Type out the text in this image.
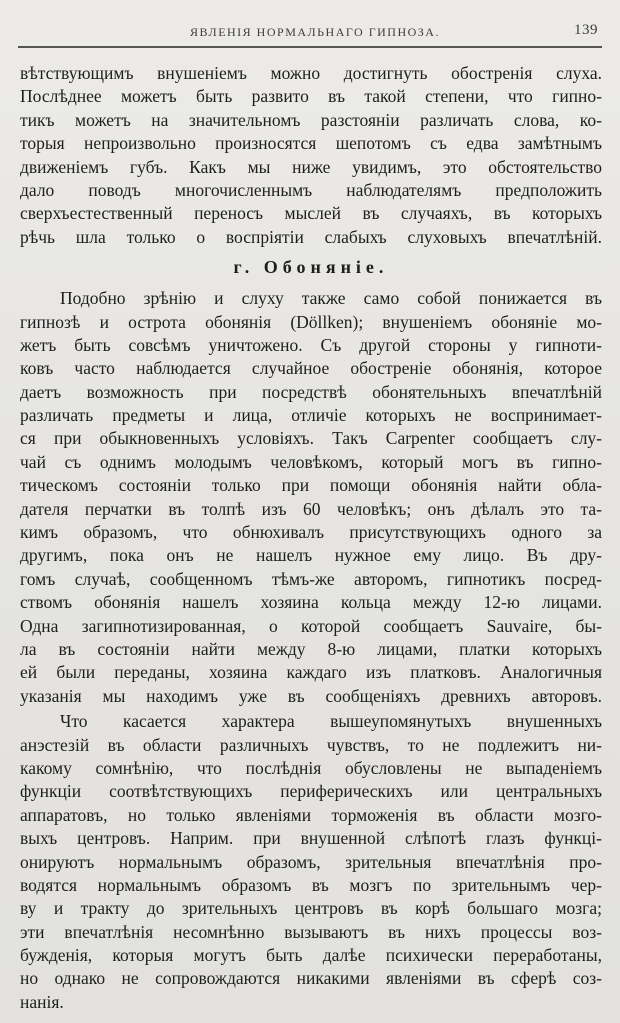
ЯВЛЕНІЯ НОРМАЛЬНАГО ГИПНОЗА.	139
вѣтствующимъ внушеніемъ можно достигнуть обостренія слуха.
Послѣднее можетъ быть развито въ такой степени, что гипно-
тикъ можетъ на значительномъ разстояніи различать слова, ко-
торыя непроизвольно произносятся шепотомъ съ едва замѣтнымъ
движеніемъ губъ. Какъ мы ниже увидимъ, это обстоятельство
дало поводъ многочисленнымъ наблюдателямъ предположить
сверхъестественный переносъ мыслей въ случаяхъ, въ которыхъ
рѣчь шла только о воспріятіи слабыхъ слуховыхъ впечатлѣній.
г. Обоняніе.
Подобно зрѣнію и слуху также само собой понижается въ
гипнозѣ и острота обонянія (Döllken); внушеніемъ обоняніе мо-
жетъ быть совсѣмъ уничтожено. Съ другой стороны у гипноти-
ковъ часто наблюдается случайное обостреніе обонянія, которое
даетъ возможность при посредствѣ обонятельныхъ впечатлѣній
различать предметы и лица, отличіе которыхъ не воспринимает-
ся при обыкновенныхъ условіяхъ. Такъ Carpenter сообщаетъ слу-
чай съ однимъ молодымъ человѣкомъ, который могъ въ гипно-
тическомъ состояніи только при помощи обонянія найти обла-
дателя перчатки въ толпѣ изъ 60 человѣкъ; онъ дѣлалъ это та-
кимъ образомъ, что обнюхивалъ присутствующихъ одного за
другимъ, пока онъ не нашелъ нужное ему лицо. Въ дру-
гомъ случаѣ, сообщенномъ тѣмъ-же авторомъ, гипнотикъ посред-
ствомъ обонянія нашелъ хозяина кольца между 12-ю лицами.
Одна загипнотизированная, о которой сообщаетъ Sauvaire, бы-
ла въ состояніи найти между 8-ю лицами, платки которыхъ
ей были переданы, хозяина каждаго изъ платковъ. Аналогичныя
указанія мы находимъ уже въ сообщеніяхъ древнихъ авторовъ.
Что касается характера вышеупомянутыхъ внушенныхъ
анэстезій въ области различныхъ чувствъ, то не подлежитъ ни-
какому сомнѣнію, что послѣднія обусловлены не выпаденіемъ
функціи соотвѣтствующихъ периферическихъ или центральныхъ
аппаратовъ, но только явленіями торможенія въ области мозго-
выхъ центровъ. Наприм. при внушенной слѣпотѣ глазъ функці-
онируютъ нормальнымъ образомъ, зрительныя впечатлѣнія про-
водятся нормальнымъ образомъ въ мозгъ по зрительнымъ чер-
ву и тракту до зрительныхъ центровъ въ корѣ большаго мозга;
эти впечатлѣнія несомнѣнно вызываютъ въ нихъ процессы воз-
бужденія, которыя могутъ быть далѣе психически переработаны,
но однако не сопровождаются никакими явленіями въ сферѣ соз-
нанія.
